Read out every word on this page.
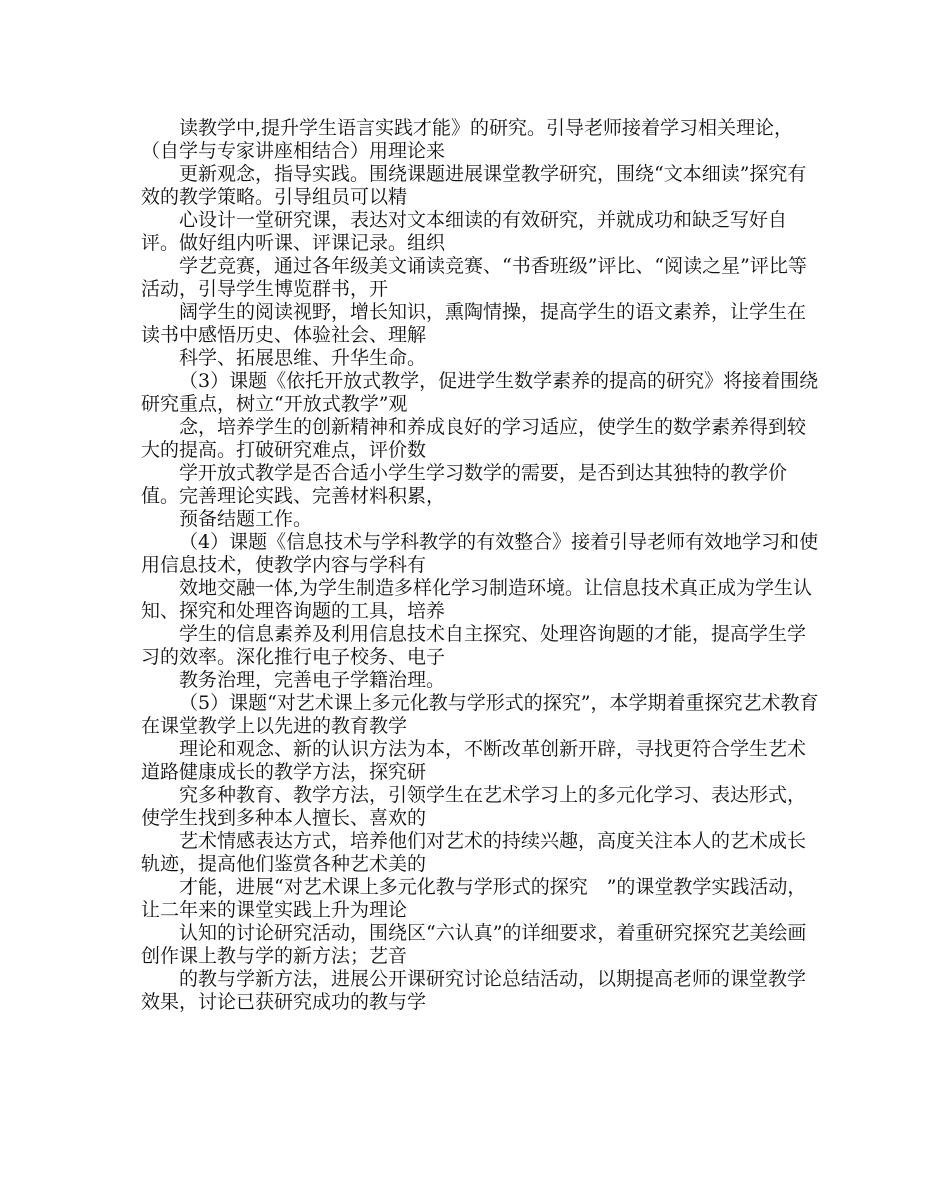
读教学中,提升学生语言实践才能》的研究。引导老师接着学习相关理论，（自学与专家讲座相结合）用理论来

更新观念，指导实践。围绕课题进展课堂教学研究，围绕“文本细读”探究有效的教学策略。引导组员可以精

心设计一堂研究课，表达对文本细读的有效研究，并就成功和缺乏写好自评。做好组内听课、评课记录。组织

学艺竞赛，通过各年级美文诵读竞赛、“书香班级”评比、“阅读之星”评比等活动，引导学生博览群书，开

阔学生的阅读视野，增长知识，熏陶情操，提高学生的语文素养，让学生在读书中感悟历史、体验社会、理解

科学、拓展思维、升华生命。

（3）课题《依托开放式教学，促进学生数学素养的提高的研究》将接着围绕研究重点，树立“开放式教学”观

念，培养学生的创新精神和养成良好的学习适应，使学生的数学素养得到较大的提高。打破研究难点，评价数

学开放式教学是否合适小学生学习数学的需要，是否到达其独特的教学价值。完善理论实践、完善材料积累，

预备结题工作。

（4）课题《信息技术与学科教学的有效整合》接着引导老师有效地学习和使用信息技术，使教学内容与学科有

效地交融一体,为学生制造多样化学习制造环境。让信息技术真正成为学生认知、探究和处理咨询题的工具，培养

学生的信息素养及利用信息技术自主探究、处理咨询题的才能，提高学生学习的效率。深化推行电子校务、电子

教务治理，完善电子学籍治理。

（5）课题“对艺术课上多元化教与学形式的探究”，本学期着重探究艺术教育在课堂教学上以先进的教育教学

理论和观念、新的认识方法为本，不断改革创新开辟，寻找更符合学生艺术道路健康成长的教学方法，探究研

究多种教育、教学方法，引领学生在艺术学习上的多元化学习、表达形式，使学生找到多种本人擅长、喜欢的

艺术情感表达方式，培养他们对艺术的持续兴趣，高度关注本人的艺术成长轨迹，提高他们鉴赏各种艺术美的

才能，进展“对艺术课上多元化教与学形式的探究　”的课堂教学实践活动，让二年来的课堂实践上升为理论

认知的讨论研究活动，围绕区“六认真”的详细要求，着重研究探究艺美绘画创作课上教与学的新方法；艺音

的教与学新方法，进展公开课研究讨论总结活动，以期提高老师的课堂教学效果，讨论已获研究成功的教与学
